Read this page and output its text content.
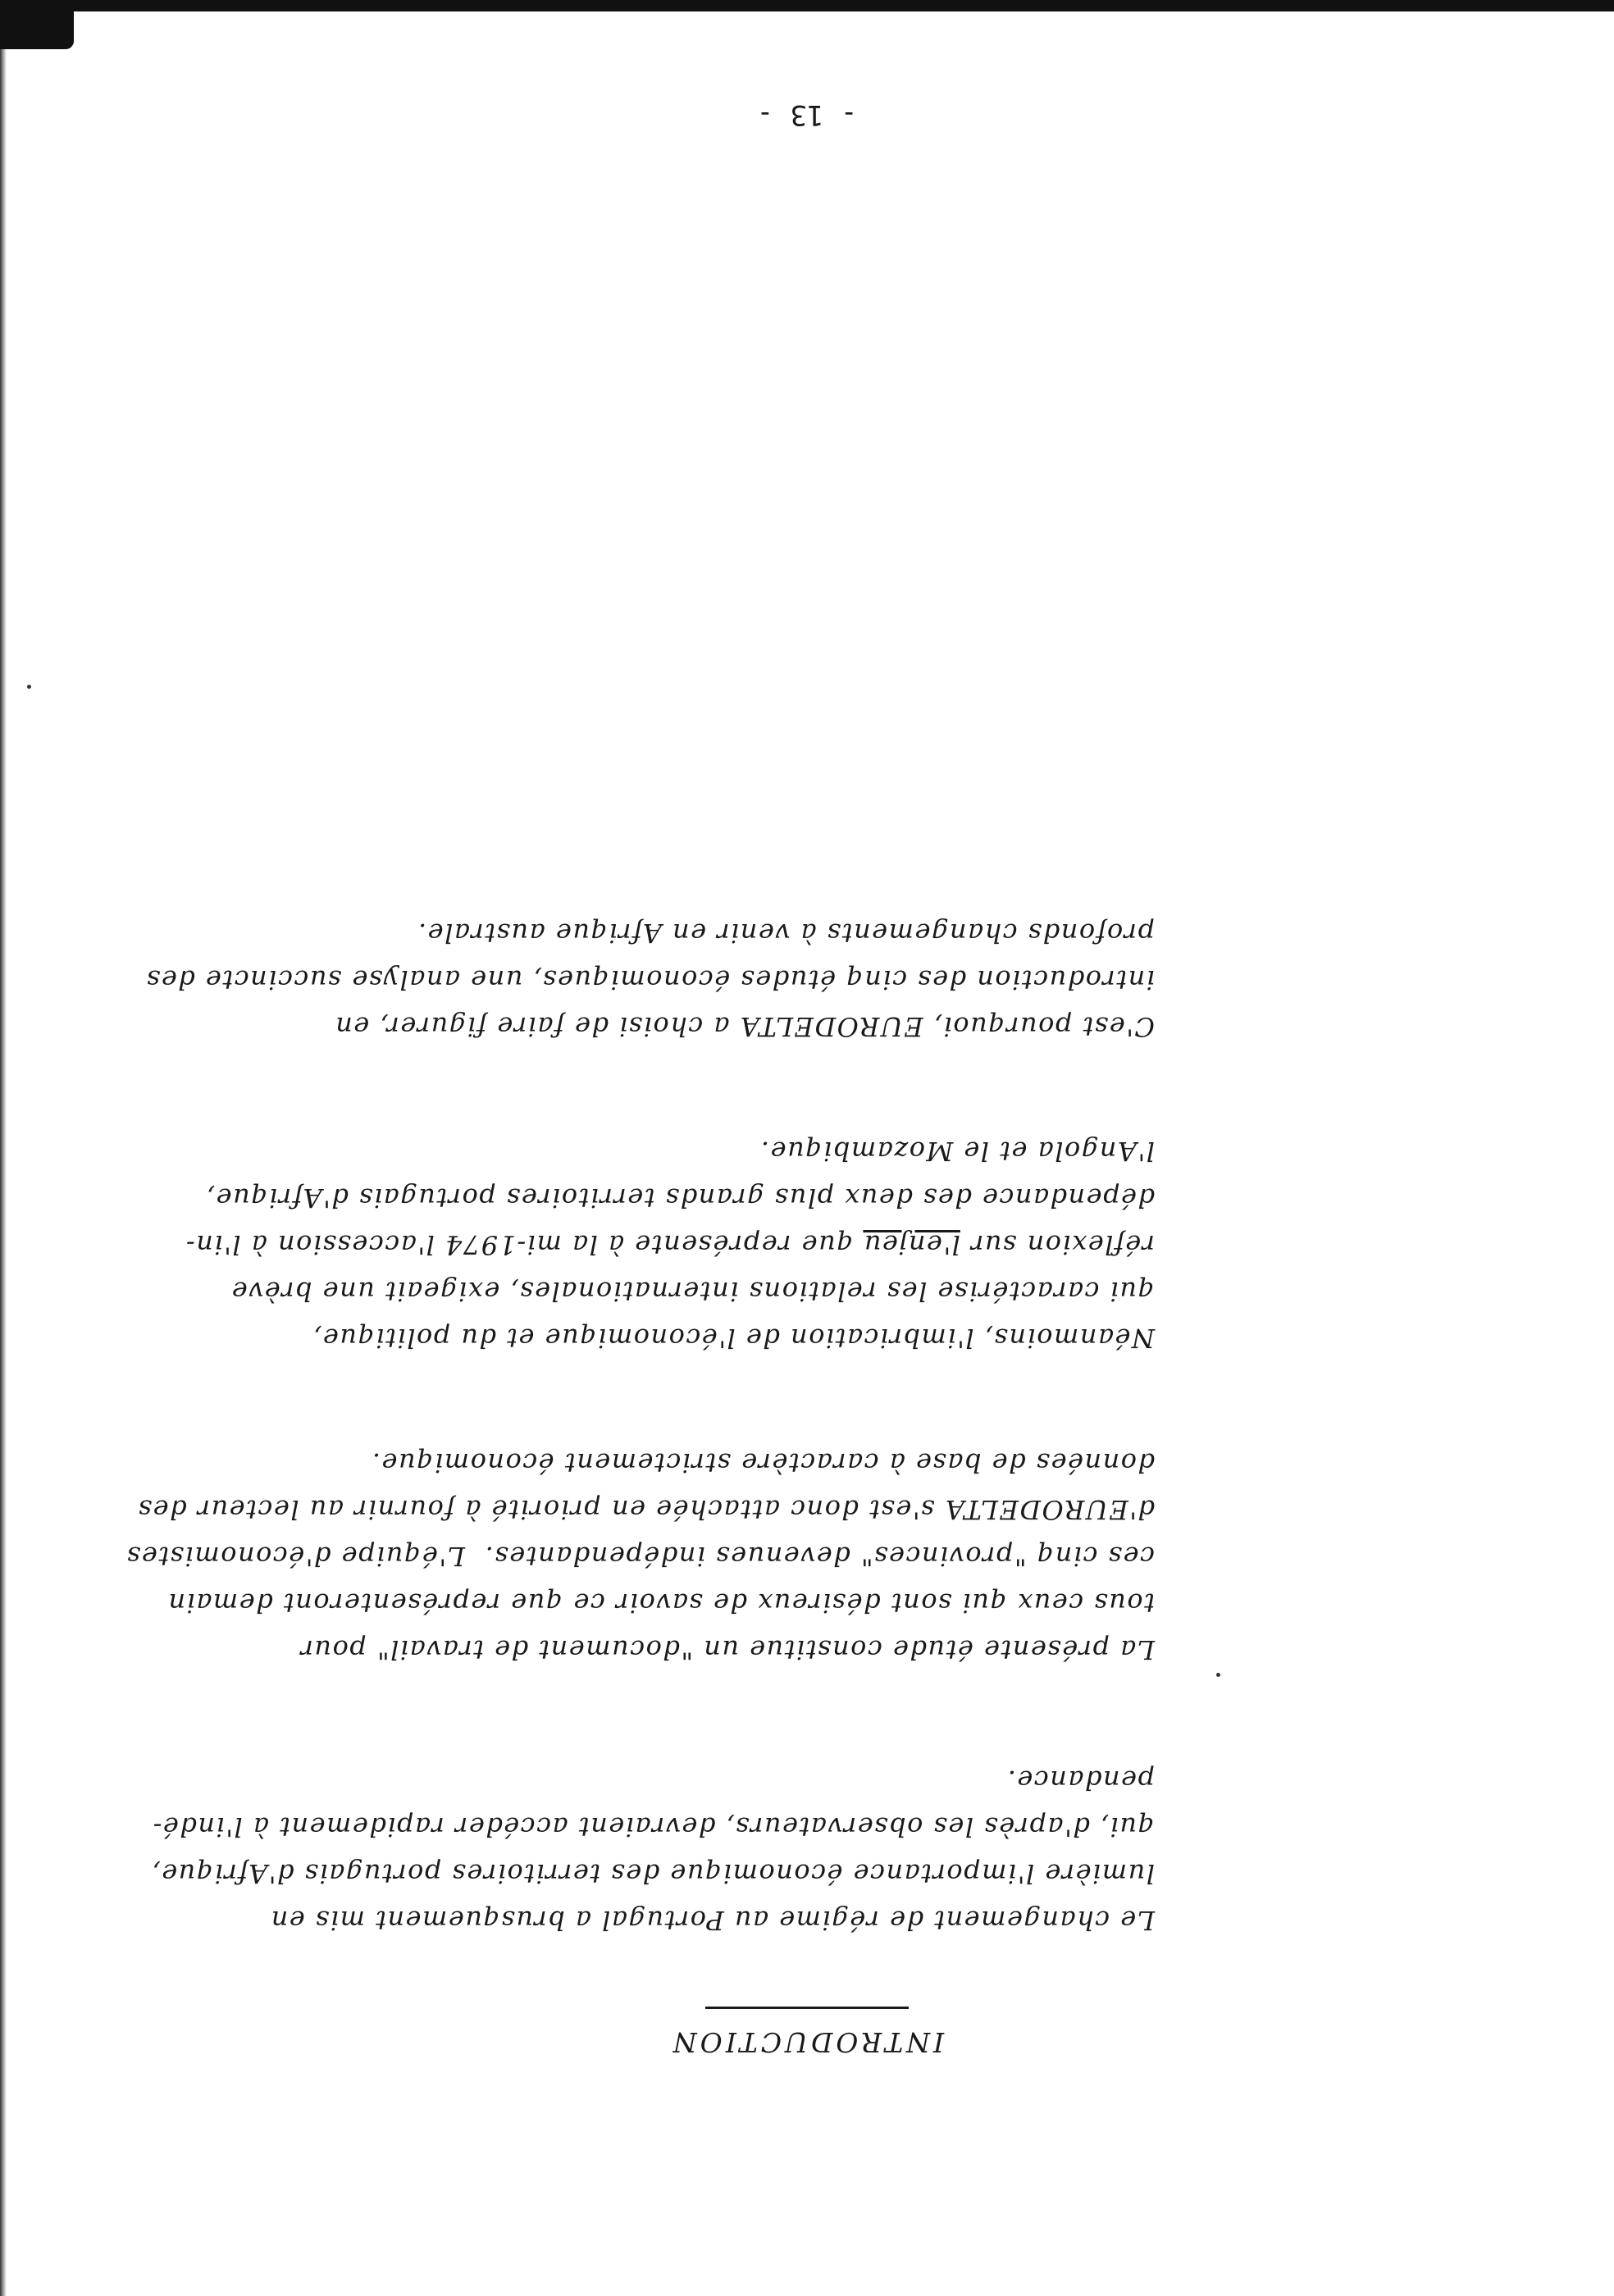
INTRODUCTION
Le changement de régime au Portugal a brusquement mis en
lumière l'importance économique des territoires portugais d'Afrique,
qui, d'après les observateurs, devraient accéder rapidement à l'indé-
pendance.
La présente étude constitue un "document de travail" pour
tous ceux qui sont désireux de savoir ce que représenteront demain
ces cinq "provinces" devenues indépendantes.  L'équipe d'économistes
d'EURODELTA s'est donc attachée en priorité à fournir au lecteur des
données de base à caractère strictement économique.
Néanmoins, l'imbrication de l'économique et du politique,
qui caractérise les relations internationales, exigeait une brève
réflexion sur l'enjeu que représente à la mi-1974 l'accession à l'in-
dépendance des deux plus grands territoires portugais d'Afrique,
l'Angola et le Mozambique.
C'est pourquoi, EURODELTA a choisi de faire figurer, en
introduction des cinq études économiques, une analyse succincte des
profonds changements à venir en Afrique australe.
- 13 -
